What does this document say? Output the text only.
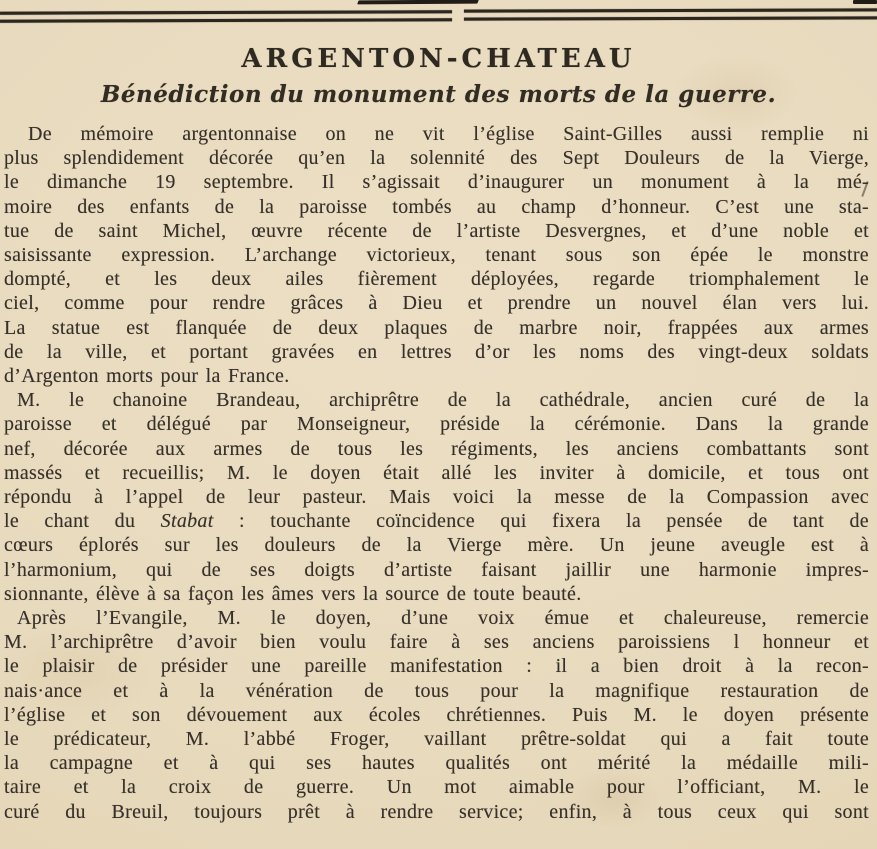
ARGENTON-CHATEAU
Bénédiction du monument des morts de la guerre.
De mémoire argentonnaise on ne vit l’église Saint-Gilles aussi remplie ni
plus splendidement décorée qu’en la solennité des Sept Douleurs de la Vierge,
le dimanche 19 septembre. Il s’agissait d’inaugurer un monument à la mé-
moire des enfants de la paroisse tombés au champ d’honneur. C’est une sta-
tue de saint Michel, œuvre récente de l’artiste Desvergnes, et d’une noble et
saisissante expression. L’archange victorieux, tenant sous son épée le monstre
dompté, et les deux ailes fièrement déployées, regarde triomphalement le
ciel, comme pour rendre grâces à Dieu et prendre un nouvel élan vers lui.
La statue est flanquée de deux plaques de marbre noir, frappées aux armes
de la ville, et portant gravées en lettres d’or les noms des vingt-deux soldats
d’Argenton morts pour la France.
M. le chanoine Brandeau, archiprêtre de la cathédrale, ancien curé de la
paroisse et délégué par Monseigneur, préside la cérémonie. Dans la grande
nef, décorée aux armes de tous les régiments, les anciens combattants sont
massés et recueillis; M. le doyen était allé les inviter à domicile, et tous ont
répondu à l’appel de leur pasteur. Mais voici la messe de la Compassion avec
le chant du Stabat : touchante coïncidence qui fixera la pensée de tant de
cœurs éplorés sur les douleurs de la Vierge mère. Un jeune aveugle est à
l’harmonium, qui de ses doigts d’artiste faisant jaillir une harmonie impres-
sionnante, élève à sa façon les âmes vers la source de toute beauté.
Après l’Evangile, M. le doyen, d’une voix émue et chaleureuse, remercie
M. l’archiprêtre d’avoir bien voulu faire à ses anciens paroissiens l honneur et
le plaisir de présider une pareille manifestation : il a bien droit à la recon-
nais·ance et à la vénération de tous pour la magnifique restauration de
l’église et son dévouement aux écoles chrétiennes. Puis M. le doyen présente
le prédicateur, M. l’abbé Froger, vaillant prêtre-soldat qui a fait toute
la campagne et à qui ses hautes qualités ont mérité la médaille mili-
taire et la croix de guerre. Un mot aimable pour l’officiant, M. le
curé du Breuil, toujours prêt à rendre service; enfin, à tous ceux qui sont
